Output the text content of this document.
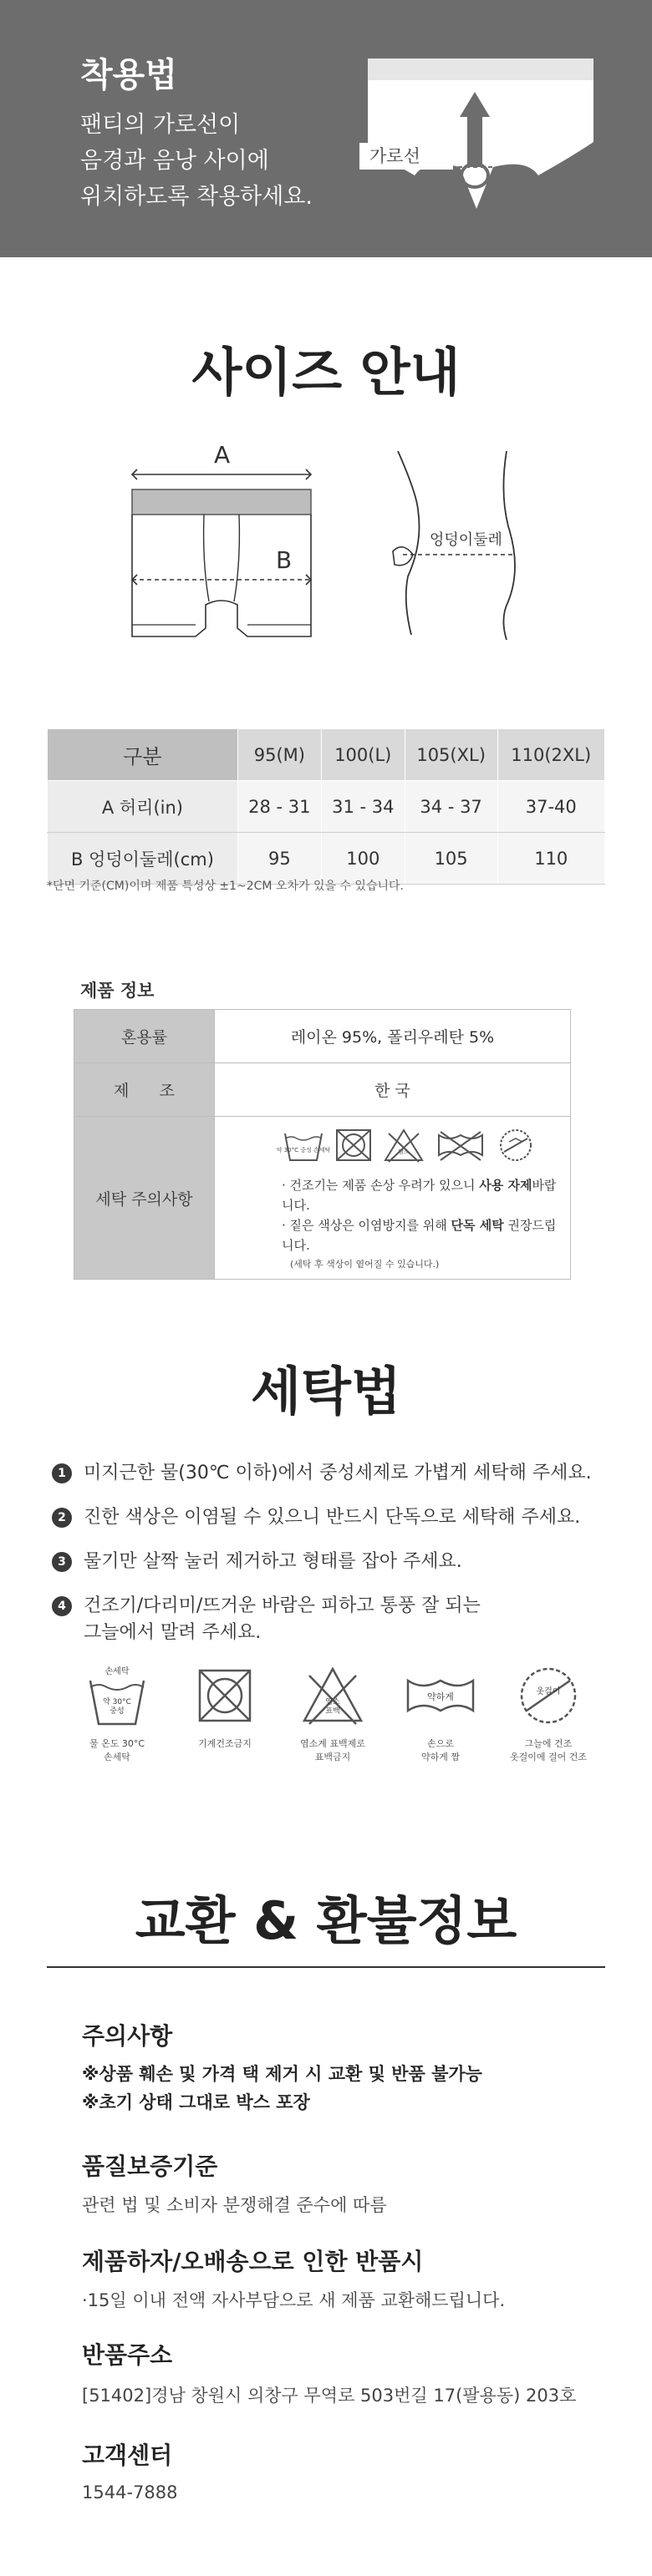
착용법
팬티의 가로선이
음경과 음낭 사이에
위치하도록 착용하세요.
가로선
사이즈 안내
A
B
엉덩이둘레
구분	95(M)	100(L)	105(XL)	110(2XL)
A 허리(in)	28 - 31	31 - 34	34 - 37	37-40
B 엉덩이둘레(cm)	95	100	105	110
*단면 기준(CM)이며 제품 특성상 ±1~2CM 오차가 있을 수 있습니다.
제품 정보
혼용률	레이온 95%, 폴리우레탄 5%
제      조	한 국
세탁 주의사항	약 30°C 중성 손세탁 염소
· 건조기는 제품 손상 우려가 있으니 사용 자제바랍니다.
· 짙은 색상은 이염방지를 위해 단독 세탁 권장드립니다.
(세탁 후 색상이 옅어질 수 있습니다.)
세탁법
1 미지근한 물(30℃ 이하)에서 중성세제로 가볍게 세탁해 주세요.
2 진한 색상은 이염될 수 있으니 반드시 단독으로 세탁해 주세요.
3 물기만 살짝 눌러 제거하고 형태를 잡아 주세요.
4 건조기/다리미/뜨거운 바람은 피하고 통풍 잘 되는
그늘에서 말려 주세요.
손세탁
약 30°C 중성
물 온도 30°C
손세탁
기계건조금지
염소 표백
염소계 표백제로
표백금지
약하게
손으로
약하게 짬
옷걸이
그늘에 건조
옷걸이에 걸어 건조
교환 & 환불정보
주의사항
※상품 훼손 및 가격 택 제거 시 교환 및 반품 불가능
※초기 상태 그대로 박스 포장
품질보증기준
관련 법 및 소비자 분쟁해결 준수에 따름
제품하자/오배송으로 인한 반품시
·15일 이내 전액 자사부담으로 새 제품 교환해드립니다.
반품주소
[51402]경남 창원시 의창구 무역로 503번길 17(팔용동) 203호
고객센터
1544-7888
